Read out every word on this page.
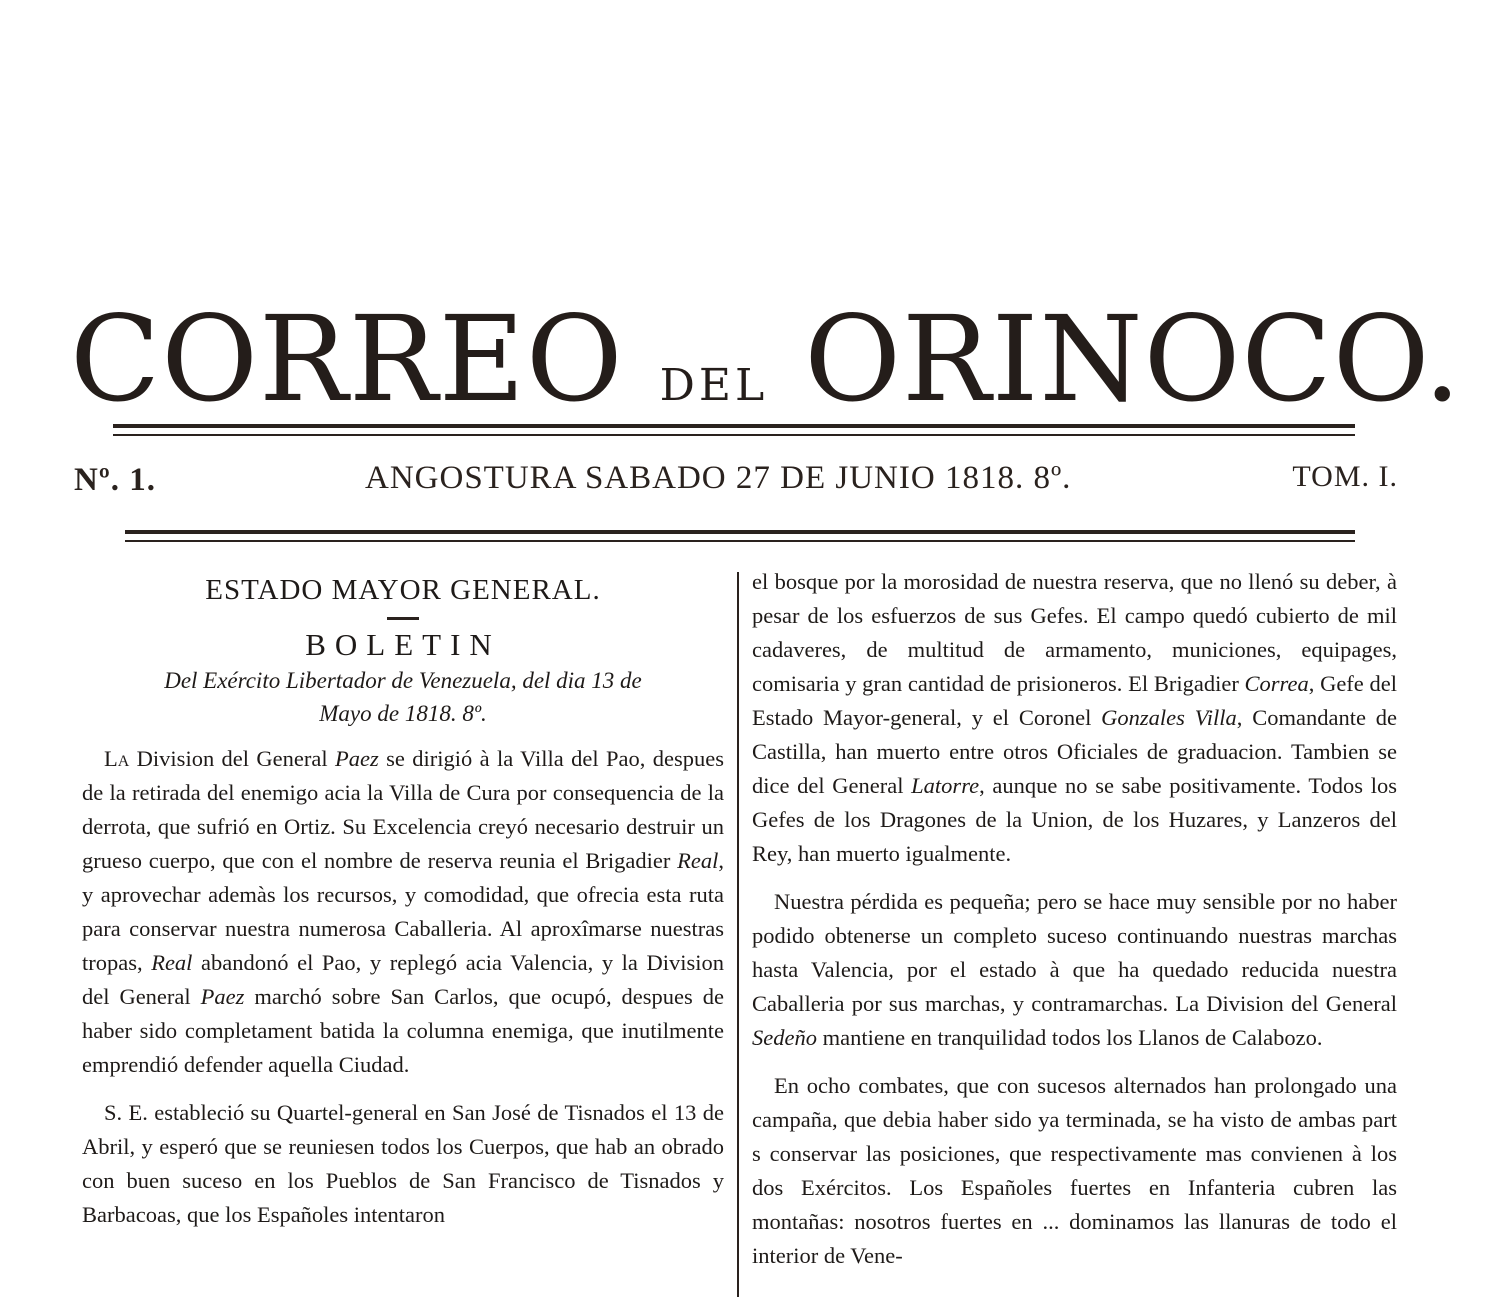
CORREO DEL ORINOCO.
Nº. 1.	ANGOSTURA SABADO 27 DE JUNIO 1818. 8º.	TOM. I.
ESTADO MAYOR GENERAL.
BOLETIN
Del Exército Libertador de Venezuela, del dia 13 de
Mayo de 1818. 8º.

La Division del General Paez se dirigió à la Villa del Pao, despues de la retirada del enemigo acia la Villa de Cura por consequencia de la derrota, que sufrió en Ortiz. Su Excelencia creyó necesario destruir un grueso cuerpo, que con el nombre de reserva reunia el Brigadier Real, y aprovechar ademàs los recursos, y comodidad, que ofrecia esta ruta para conservar nuestra numerosa Caballeria. Al aproxîmarse nuestras tropas, Real abandonó el Pao, y replegó acia Valencia, y la Division del General Paez marchó sobre San Carlos, que ocupó, despues de haber sido completament batida la columna enemiga, que inutilmente emprendió defender aquella Ciudad.

S. E. estableció su Quartel-general en San José de Tisnados el 13 de Abril, y esperó que se reuniesen todos los Cuerpos, que hab an obrado con buen suceso en los Pueblos de San Francisco de Tisnados y Barbacoas, que los Españoles intentaron

el bosque por la morosidad de nuestra reserva, que no llenó su deber, à pesar de los esfuerzos de sus Gefes. El campo quedó cubierto de mil cadaveres, de multitud de armamento, municiones, equipages, comisaria y gran cantidad de prisioneros. El Brigadier Correa, Gefe del Estado Mayor-general, y el Coronel Gonzales Villa, Comandante de Castilla, han muerto entre otros Oficiales de graduacion. Tambien se dice del General Latorre, aunque no se sabe positivamente. Todos los Gefes de los Dragones de la Union, de los Huzares, y Lanzeros del Rey, han muerto igualmente.

Nuestra pérdida es pequeña; pero se hace muy sensible por no haber podido obtenerse un completo suceso continuando nuestras marchas hasta Valencia, por el estado à que ha quedado reducida nuestra Caballeria por sus marchas, y contramarchas. La Division del General Sedeño mantiene en tranquilidad todos los Llanos de Calabozo.

En ocho combates, que con sucesos alternados han prolongado una campaña, que debia haber sido ya terminada, se ha visto de ambas part s conservar las posiciones, que respectivamente mas convienen à los dos Exércitos. Los Españoles fuertes en Infanteria cubren las montañas: nosotros fuertes en ... dominamos las llanuras de todo el interior de Vene-
